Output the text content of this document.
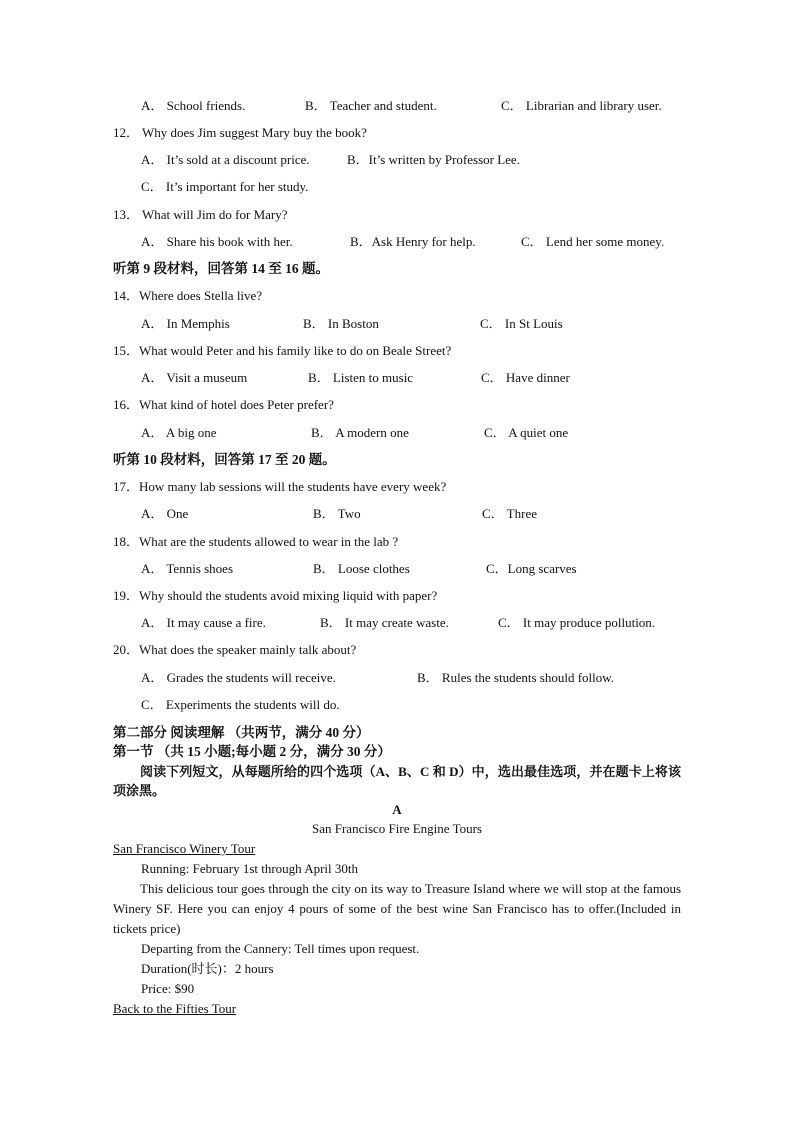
A． School friends.	B． Teacher and student.	C． Librarian and library user.
12． Why does Jim suggest Mary buy the book?
A． It’s sold at a discount price.	B．It’s written by Professor Lee.
C． It’s important for her study.
13． What will Jim do for Mary?
A． Share his book with her.	B．Ask Henry for help.	C． Lend her some money.
听第 9 段材料，回答第 14 至 16 题。
14．Where does Stella live?
A． In Memphis	B． In Boston	C． In St Louis
15．What would Peter and his family like to do on Beale Street?
A． Visit a museum	B． Listen to music	C． Have dinner
16．What kind of hotel does Peter prefer?
A． A big one	B． A modern one	C． A quiet one
听第 10 段材料，回答第 17 至 20 题。
17．How many lab sessions will the students have every week?
A． One	B． Two	C． Three
18．What are the students allowed to wear in the lab ?
A． Tennis shoes	B． Loose clothes	C．Long scarves
19．Why should the students avoid mixing liquid with paper?
A． It may cause a fire.	B． It may create waste.	C． It may produce pollution.
20．What does the speaker mainly talk about?
A． Grades the students will receive.	B． Rules the students should follow.
C． Experiments the students will do.
第二部分 阅读理解 （共两节，满分 40 分）
第一节 （共 15 小题;每小题 2 分，满分 30 分）
阅读下列短文，从每题所给的四个选项（A、B、C 和 D）中，选出最佳选项，并在题卡上将该项涂黑。
A
San Francisco Fire Engine Tours
San Francisco Winery Tour
Running: February 1st through April 30th
This delicious tour goes through the city on its way to Treasure Island where we will stop at the famous Winery SF. Here you can enjoy 4 pours of some of the best wine San Francisco has to offer.(Included in tickets price)
Departing from the Cannery: Tell times upon request.
Duration(时长)：2 hours
Price: $90
Back to the Fifties Tour
